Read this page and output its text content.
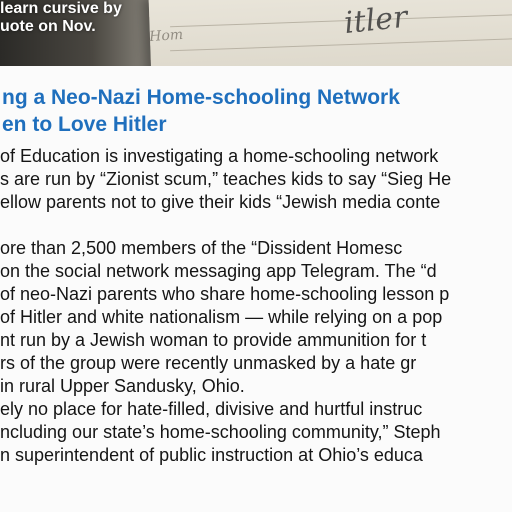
itler
Hom
learn cursive by
uote on Nov.
ng a Neo-Nazi Home-schooling Network
en to Love Hitler
of Education is investigating a home-schooling network
s are run by “Zionist scum,” teaches kids to say “Sieg He
ellow parents not to give their kids “Jewish media conte
ore than 2,500 members of the “Dissident Homesc
on the social network messaging app Telegram. The “d
of neo-Nazi parents who share home-schooling lesson p
of Hitler and white nationalism — while relying on a pop
nt run by a Jewish woman to provide ammunition for t
rs of the group were recently unmasked by a hate gr
in rural Upper Sandusky, Ohio.
ely no place for hate-filled, divisive and hurtful instruc
ncluding our state’s home-schooling community,” Steph
n superintendent of public instruction at Ohio’s educa
